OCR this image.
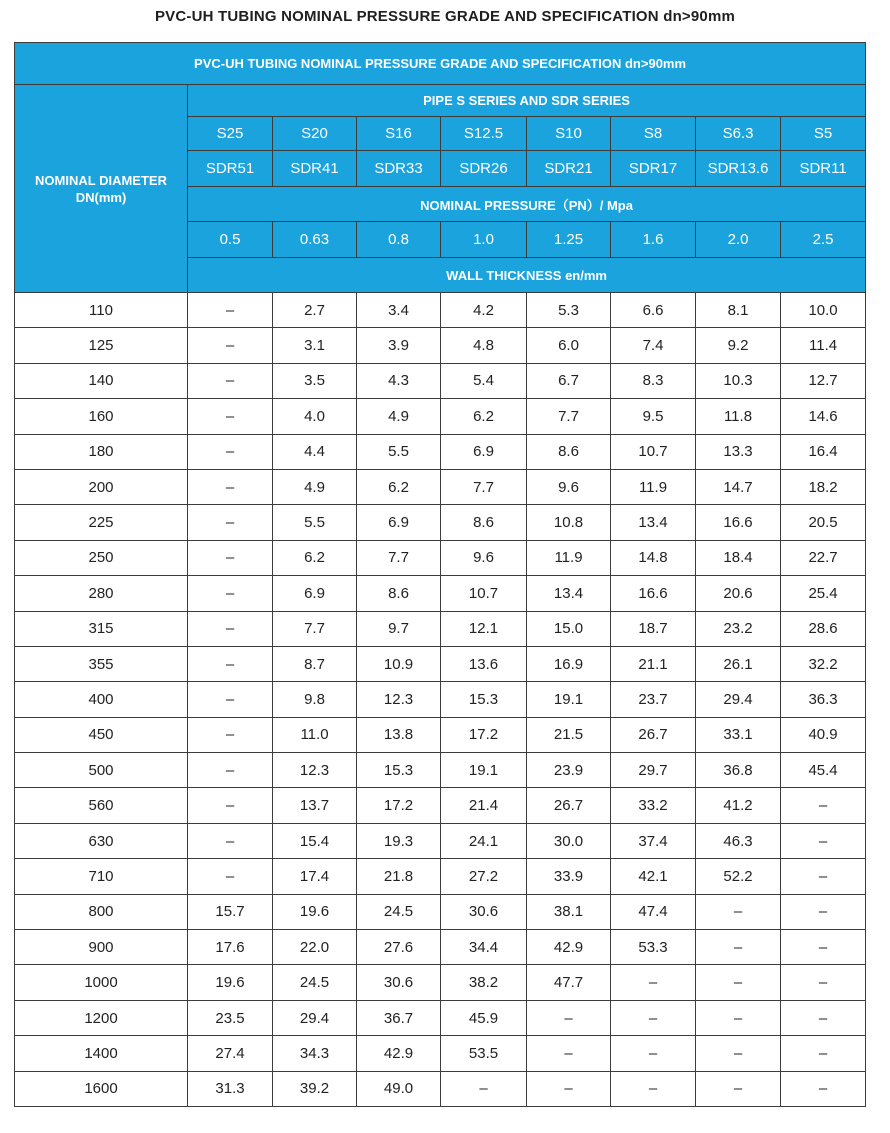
PVC-UH TUBING NOMINAL PRESSURE GRADE AND SPECIFICATION dn>90mm
PVC-UH TUBING NOMINAL PRESSURE GRADE AND SPECIFICATION dn>90mm								
NOMINAL DIAMETER
DN(mm)	PIPE S SERIES AND SDR SERIES							
	S25	S20	S16	S12.5	S10	S8	S6.3	S5
	SDR51	SDR41	SDR33	SDR26	SDR21	SDR17	SDR13.6	SDR11
	NOMINAL PRESSURE（PN）/ Mpa							
	0.5	0.63	0.8	1.0	1.25	1.6	2.0	2.5
	WALL THICKNESS en/mm							

110	–	2.7	3.4	4.2	5.3	6.6	8.1	10.0
125	–	3.1	3.9	4.8	6.0	7.4	9.2	11.4
140	–	3.5	4.3	5.4	6.7	8.3	10.3	12.7
160	–	4.0	4.9	6.2	7.7	9.5	11.8	14.6
180	–	4.4	5.5	6.9	8.6	10.7	13.3	16.4
200	–	4.9	6.2	7.7	9.6	11.9	14.7	18.2
225	–	5.5	6.9	8.6	10.8	13.4	16.6	20.5
250	–	6.2	7.7	9.6	11.9	14.8	18.4	22.7
280	–	6.9	8.6	10.7	13.4	16.6	20.6	25.4
315	–	7.7	9.7	12.1	15.0	18.7	23.2	28.6
355	–	8.7	10.9	13.6	16.9	21.1	26.1	32.2
400	–	9.8	12.3	15.3	19.1	23.7	29.4	36.3
450	–	11.0	13.8	17.2	21.5	26.7	33.1	40.9
500	–	12.3	15.3	19.1	23.9	29.7	36.8	45.4
560	–	13.7	17.2	21.4	26.7	33.2	41.2	–
630	–	15.4	19.3	24.1	30.0	37.4	46.3	–
710	–	17.4	21.8	27.2	33.9	42.1	52.2	–
800	15.7	19.6	24.5	30.6	38.1	47.4	–	–
900	17.6	22.0	27.6	34.4	42.9	53.3	–	–
1000	19.6	24.5	30.6	38.2	47.7	–	–	–
1200	23.5	29.4	36.7	45.9	–	–	–	–
1400	27.4	34.3	42.9	53.5	–	–	–	–
1600	31.3	39.2	49.0	–	–	–	–	–
